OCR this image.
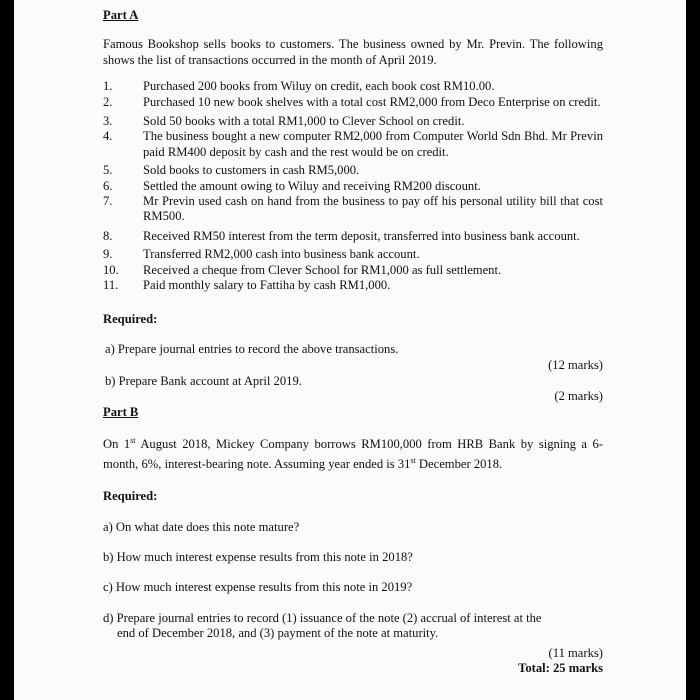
Part A
Famous Bookshop sells books to customers. The business owned by Mr. Previn. The following shows the list of transactions occurred in the month of April 2019.
1.	Purchased 200 books from Wiluy on credit, each book cost RM10.00.
2.	Purchased 10 new book shelves with a total cost RM2,000 from Deco Enterprise on credit.
3.	Sold 50 books with a total RM1,000 to Clever School on credit.
4.	The business bought a new computer RM2,000 from Computer World Sdn Bhd. Mr Previn paid RM400 deposit by cash and the rest would be on credit.
5.	Sold books to customers in cash RM5,000.
6.	Settled the amount owing to Wiluy and receiving RM200 discount.
7.	Mr Previn used cash on hand from the business to pay off his personal utility bill that cost RM500.
8.	Received RM50 interest from the term deposit, transferred into business bank account.
9.	Transferred RM2,000 cash into business bank account.
10.	Received a cheque from Clever School for RM1,000 as full settlement.
11.	Paid monthly salary to Fattiha by cash RM1,000.
Required:
a) Prepare journal entries to record the above transactions.
(12 marks)
b) Prepare Bank account at April 2019.
(2 marks)
Part B
On 1st August 2018, Mickey Company borrows RM100,000 from HRB Bank by signing a 6-month, 6%, interest-bearing note. Assuming year ended is 31st December 2018.
Required:
a) On what date does this note mature?
b) How much interest expense results from this note in 2018?
c) How much interest expense results from this note in 2019?
d) Prepare journal entries to record (1) issuance of the note (2) accrual of interest at the
end of December 2018, and (3) payment of the note at maturity.
(11 marks)
Total: 25 marks
